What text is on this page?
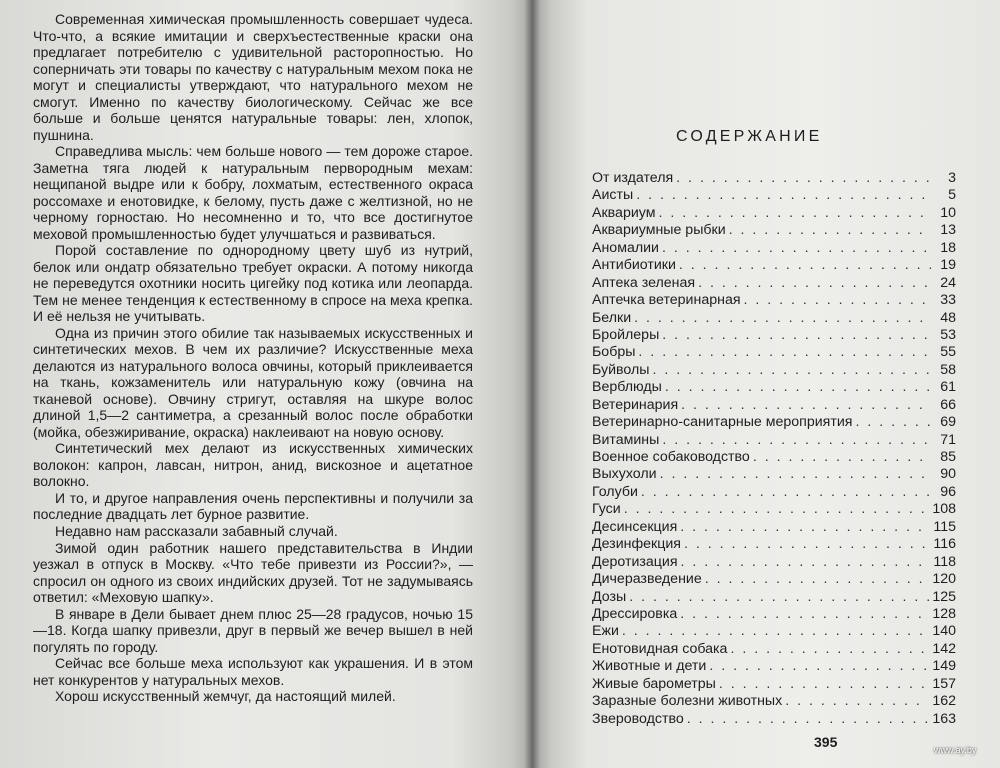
Современная химическая промышленность совершает чудеса. Что-что, а всякие имитации и сверхъестественные краски она предлагает потребителю с удивительной расторопностью. Но соперничать эти товары по качеству с натуральным мехом пока не могут и специалисты утверждают, что натурального мехом не смогут. Именно по качеству биологическому. Сейчас же все больше и больше ценятся натуральные товары: лен, хлопок, пушнина.

Справедлива мысль: чем больше нового — тем дороже старое. Заметна тяга людей к натуральным первородным мехам: нещипаной выдре или к бобру, лохматым, естественного окраса россомахе и енотовидке, к белому, пусть даже с желтизной, но не черному горностаю. Но несомненно и то, что все достигнутое меховой промышленностью будет улучшаться и развиваться.

Порой составление по однородному цвету шуб из нутрий, белок или ондатр обязательно требует окраски. А потому никогда не переведутся охотники носить цигейку под котика или леопарда. Тем не менее тенденция к естественному в спросе на меха крепка. И её нельзя не учитывать.

Одна из причин этого обилие так называемых искусственных и синтетических мехов. В чем их различие? Искусственные меха делаются из натурального волоса овчины, который приклеивается на ткань, кожзаменитель или натуральную кожу (овчина на тканевой основе). Овчину стригут, оставляя на шкуре волос длиной 1,5—2 сантиметра, а срезанный волос после обработки (мойка, обезжиривание, окраска) наклеивают на новую основу.

Синтетический мех делают из искусственных химических волокон: капрон, лавсан, нитрон, анид, вискозное и ацетатное волокно.

И то, и другое направления очень перспективны и получили за последние двадцать лет бурное развитие.

Недавно нам рассказали забавный случай.

Зимой один работник нашего представительства в Индии уезжал в отпуск в Москву. «Что тебе привезти из России?», — спросил он одного из своих индийских друзей. Тот не задумываясь ответил: «Меховую шапку».

В январе в Дели бывает днем плюс 25—28 градусов, ночью 15—18. Когда шапку привезли, друг в первый же вечер вышел в ней погулять по городу.

Сейчас все больше меха используют как украшения. И в этом нет конкурентов у натуральных мехов.

Хорош искусственный жемчуг, да настоящий милей.

СОДЕРЖАНИЕ
От издателя . . .	3
Аисты . . .	5
Аквариум . . .	10
Аквариумные рыбки . . .	13
Аномалии . . .	18
Антибиотики . . .	19
Аптека зеленая . . .	24
Аптечка ветеринарная . . .	33
Белки . . .	48
Бройлеры . . .	53
Бобры . . .	55
Буйволы . . .	58
Верблюды . . .	61
Ветеринария . . .	66
Ветеринарно-санитарные мероприятия . . .	69
Витамины . . .	71
Военное собаководство . . .	85
Выхухоли . . .	90
Голуби . . .	96
Гуси . . .	108
Десинсекция . . .	115
Дезинфекция . . .	116
Деротизация . . .	118
Дичеразведение . . .	120
Дозы . . .	125
Дрессировка . . .	128
Ежи . . .	140
Енотовидная собака . . .	142
Животные и дети . . .	149
Живые барометры . . .	157
Заразные болезни животных . . .	162
Звероводство . . .	163
395	www.ay.by
